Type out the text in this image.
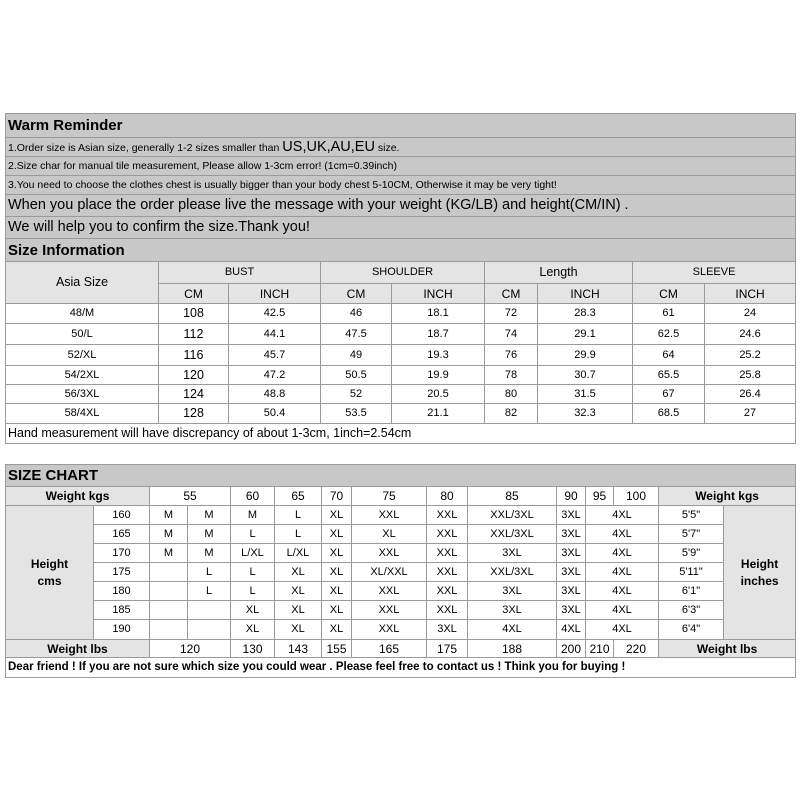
Warm Reminder								
1.Order size is Asian size, generally 1-2 sizes smaller than US,UK,AU,EU size.								
2.Size char for manual tile measurement, Please allow 1-3cm error! (1cm=0.39inch)								
3.You need to choose the clothes chest is usually bigger than your body chest 5-10CM, Otherwise it may be very tight!								
When you place the order please live the message with your weight (KG/LB) and height(CM/IN) .								
We will help you to confirm the size.Thank you!								
Size Information								
Asia Size	BUST		SHOULDER		Length		SLEEVE	
	CM	INCH	CM	INCH	CM	INCH	CM	INCH
48/M	108	42.5	46	18.1	72	28.3	61	24
50/L	112	44.1	47.5	18.7	74	29.1	62.5	24.6
52/XL	116	45.7	49	19.3	76	29.9	64	25.2
54/2XL	120	47.2	50.5	19.9	78	30.7	65.5	25.8
56/3XL	124	48.8	52	20.5	80	31.5	67	26.4
58/4XL	128	50.4	53.5	21.1	82	32.3	68.5	27
Hand measurement will have discrepancy of about 1-3cm, 1inch=2.54cm								
SIZE CHART														
Weight kgs		55		60	65	70	75	80	85	90	95	100	Weight kgs	
Height
cms	160	M	M	M	L	XL	XXL	XXL	XXL/3XL	3XL	4XL		5'5"	Height
inches
	165	M	M	L	L	XL	XL	XXL	XXL/3XL	3XL	4XL		5'7"	
	170	M	M	L/XL	L/XL	XL	XXL	XXL	3XL	3XL	4XL		5'9"	
	175		L	L	XL	XL	XL/XXL	XXL	XXL/3XL	3XL	4XL		5'11"	
	180		L	L	XL	XL	XXL	XXL	3XL	3XL	4XL		6'1"	
	185			XL	XL	XL	XXL	XXL	3XL	3XL	4XL		6'3"	
	190			XL	XL	XL	XXL	3XL	4XL	4XL	4XL		6'4"	
Weight lbs		120		130	143	155	165	175	188	200	210	220	Weight lbs	
Dear friend ! If you are not sure which size you could wear . Please feel free to contact us ! Think you for buying !														
